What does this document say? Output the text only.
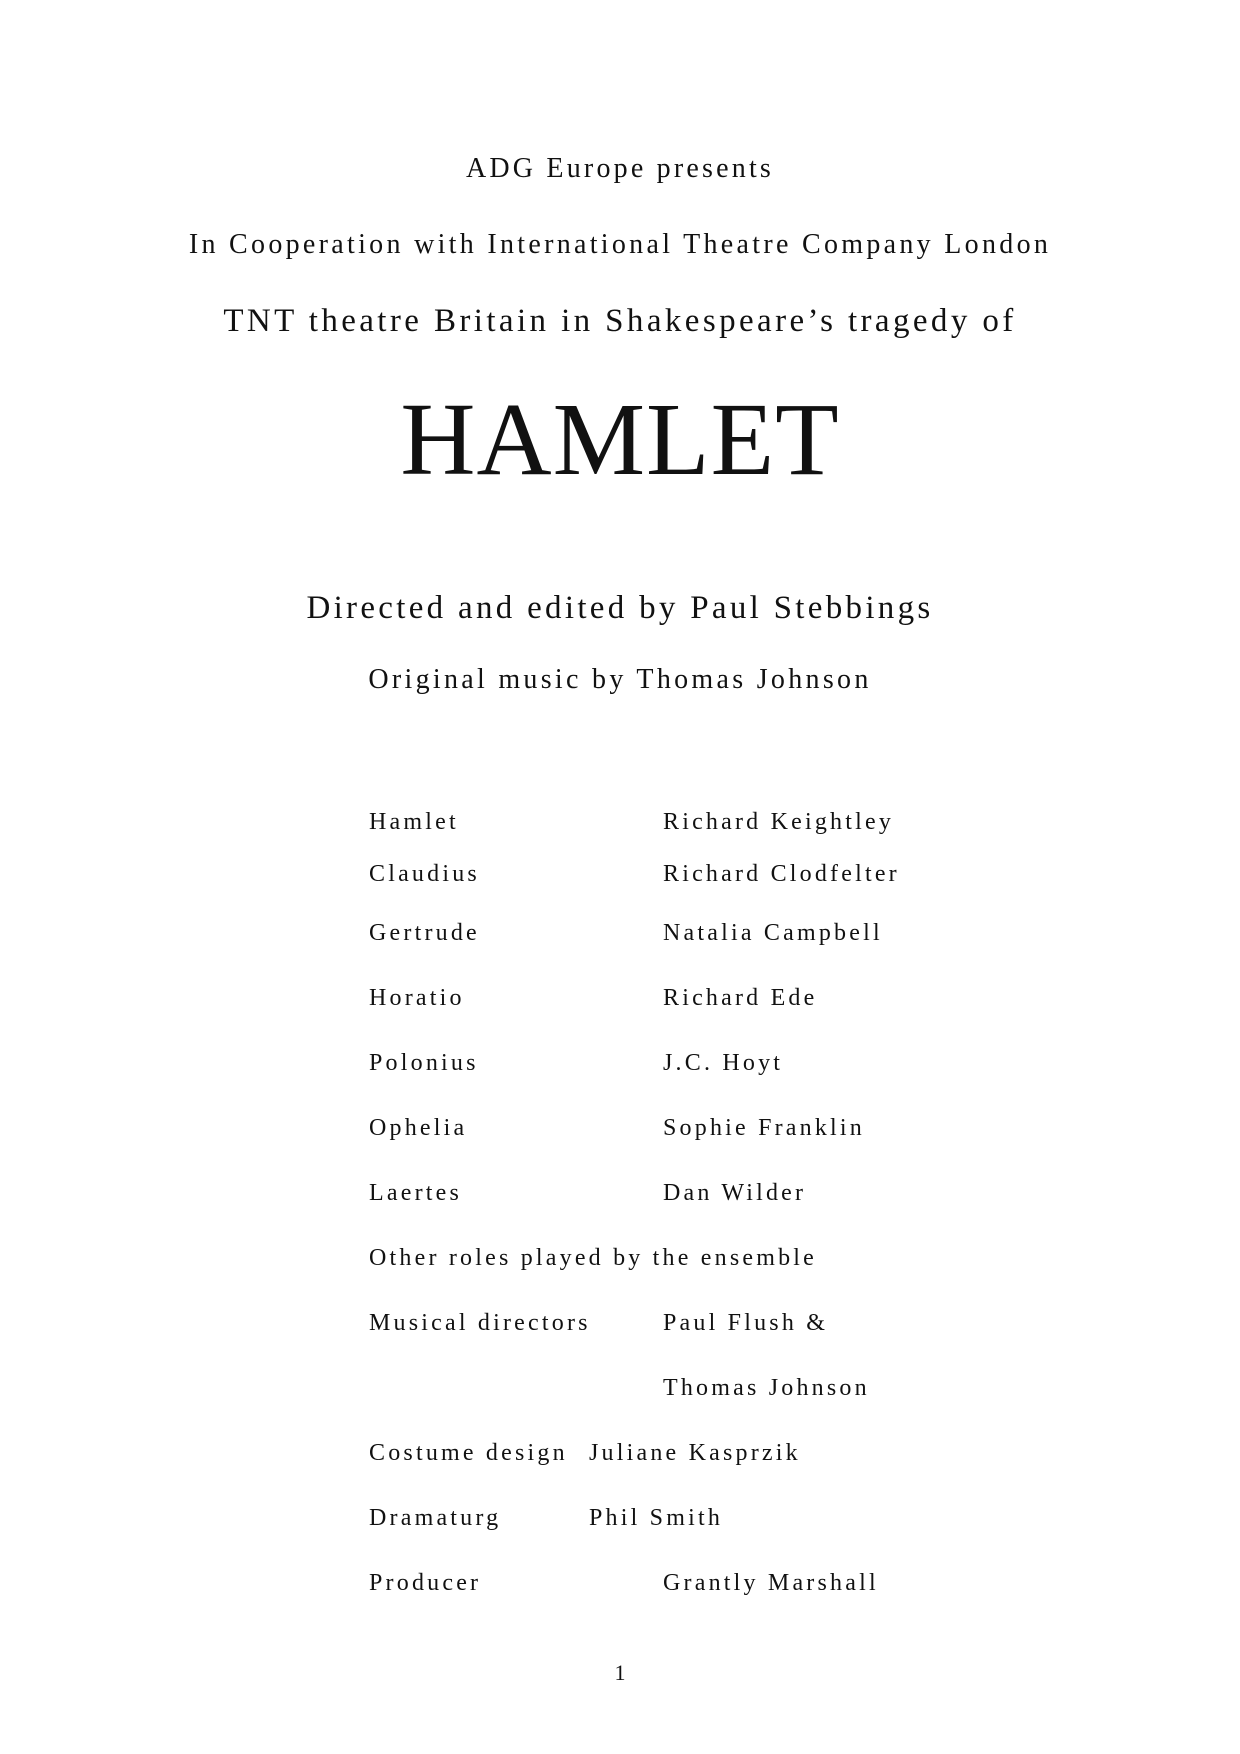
ADG Europe presents
In Cooperation with International Theatre Company London
TNT theatre Britain in Shakespeare’s tragedy of
HAMLET
Directed and edited by Paul Stebbings
Original music by Thomas Johnson
Hamlet	Richard Keightley
Claudius	Richard Clodfelter
Gertrude	Natalia Campbell
Horatio	Richard Ede
Polonius	J.C. Hoyt
Ophelia	Sophie Franklin
Laertes	Dan Wilder
Other roles played by the ensemble
Musical directors	Paul Flush &
Thomas Johnson
Costume design Juliane Kasprzik
Dramaturg	Phil Smith
Producer	Grantly Marshall
1
